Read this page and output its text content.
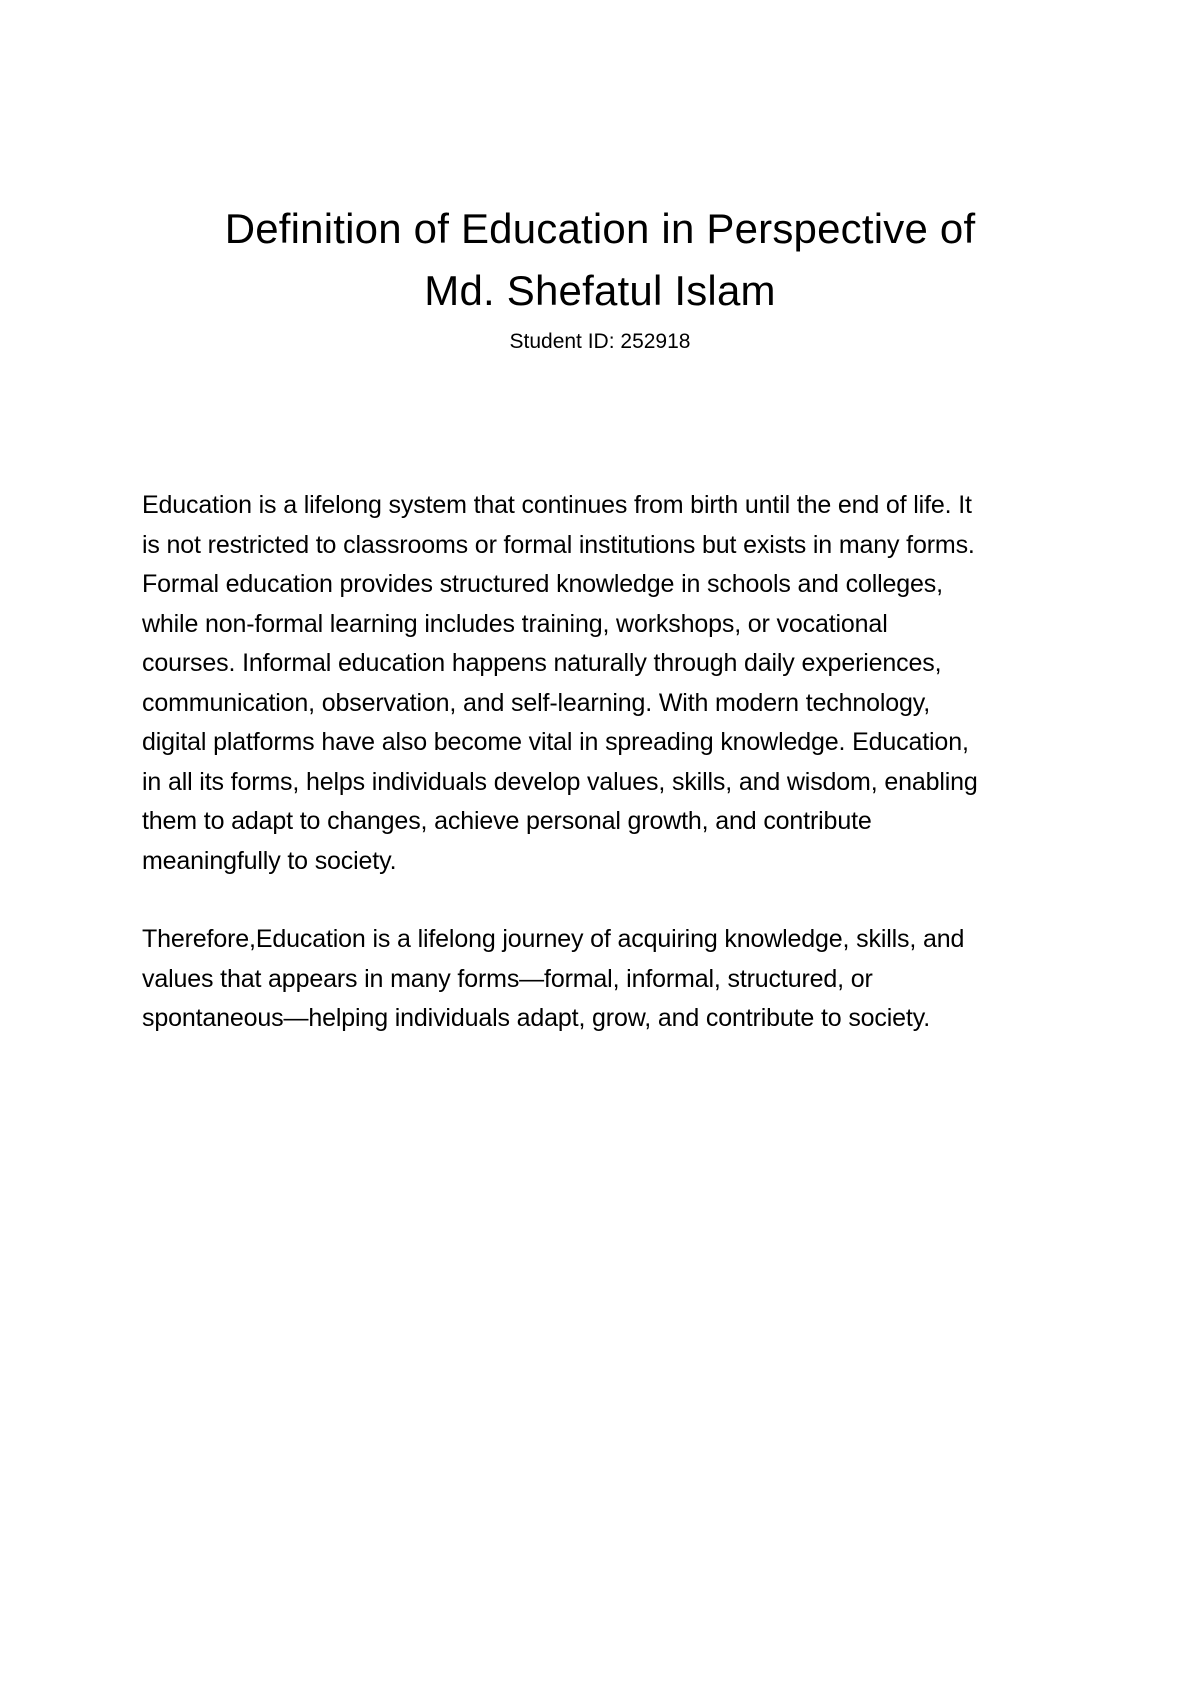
Definition of Education in Perspective of
Md. Shefatul Islam
Student ID: 252918

Education is a lifelong system that continues from birth until the end of life. It
is not restricted to classrooms or formal institutions but exists in many forms.
Formal education provides structured knowledge in schools and colleges,
while non-formal learning includes training, workshops, or vocational
courses. Informal education happens naturally through daily experiences,
communication, observation, and self-learning. With modern technology,
digital platforms have also become vital in spreading knowledge. Education,
in all its forms, helps individuals develop values, skills, and wisdom, enabling
them to adapt to changes, achieve personal growth, and contribute
meaningfully to society.

Therefore,Education is a lifelong journey of acquiring knowledge, skills, and
values that appears in many forms—formal, informal, structured, or
spontaneous—helping individuals adapt, grow, and contribute to society.
